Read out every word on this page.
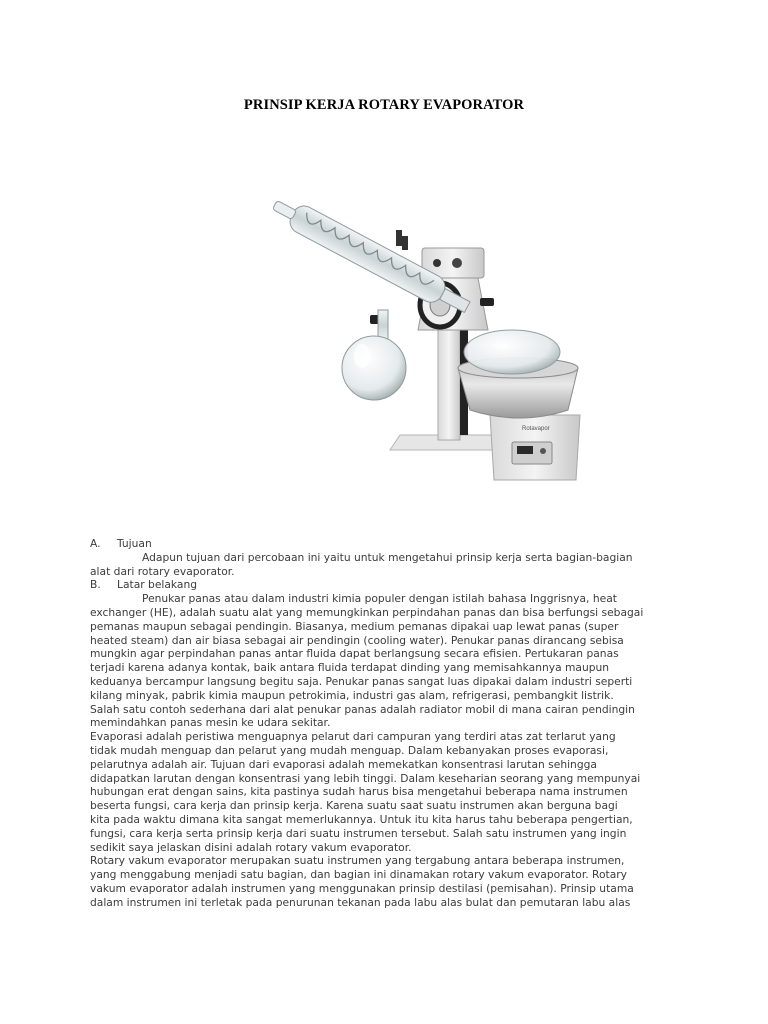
PRINSIP KERJA ROTARY EVAPORATOR
Rotavapor
A. Tujuan

Adapun tujuan dari percobaan ini yaitu untuk mengetahui prinsip kerja serta bagian-bagian
alat dari rotary evaporator.

B. Latar belakang

Penukar panas atau dalam industri kimia populer dengan istilah bahasa Inggrisnya, heat
exchanger (HE), adalah suatu alat yang memungkinkan perpindahan panas dan bisa berfungsi sebagai
pemanas maupun sebagai pendingin. Biasanya, medium pemanas dipakai uap lewat panas (super
heated steam) dan air biasa sebagai air pendingin (cooling water). Penukar panas dirancang sebisa
mungkin agar perpindahan panas antar fluida dapat berlangsung secara efisien. Pertukaran panas
terjadi karena adanya kontak, baik antara fluida terdapat dinding yang memisahkannya maupun
keduanya bercampur langsung begitu saja. Penukar panas sangat luas dipakai dalam industri seperti
kilang minyak, pabrik kimia maupun petrokimia, industri gas alam, refrigerasi, pembangkit listrik.
Salah satu contoh sederhana dari alat penukar panas adalah radiator mobil di mana cairan pendingin
memindahkan panas mesin ke udara sekitar.

Evaporasi adalah peristiwa menguapnya pelarut dari campuran yang terdiri atas zat terlarut yang
tidak mudah menguap dan pelarut yang mudah menguap. Dalam kebanyakan proses evaporasi,
pelarutnya adalah air. Tujuan dari evaporasi adalah memekatkan konsentrasi larutan sehingga
didapatkan larutan dengan konsentrasi yang lebih tinggi. Dalam keseharian seorang yang mempunyai
hubungan erat dengan sains, kita pastinya sudah harus bisa mengetahui beberapa nama instrumen
beserta fungsi, cara kerja dan prinsip kerja. Karena suatu saat suatu instrumen akan berguna bagi
kita pada waktu dimana kita sangat memerlukannya. Untuk itu kita harus tahu beberapa pengertian,
fungsi, cara kerja serta prinsip kerja dari suatu instrumen tersebut. Salah satu instrumen yang ingin
sedikit saya jelaskan disini adalah rotary vakum evaporator.

Rotary vakum evaporator merupakan suatu instrumen yang tergabung antara beberapa instrumen,
yang menggabung menjadi satu bagian, dan bagian ini dinamakan rotary vakum evaporator. Rotary
vakum evaporator adalah instrumen yang menggunakan prinsip destilasi (pemisahan). Prinsip utama
dalam instrumen ini terletak pada penurunan tekanan pada labu alas bulat dan pemutaran labu alas
